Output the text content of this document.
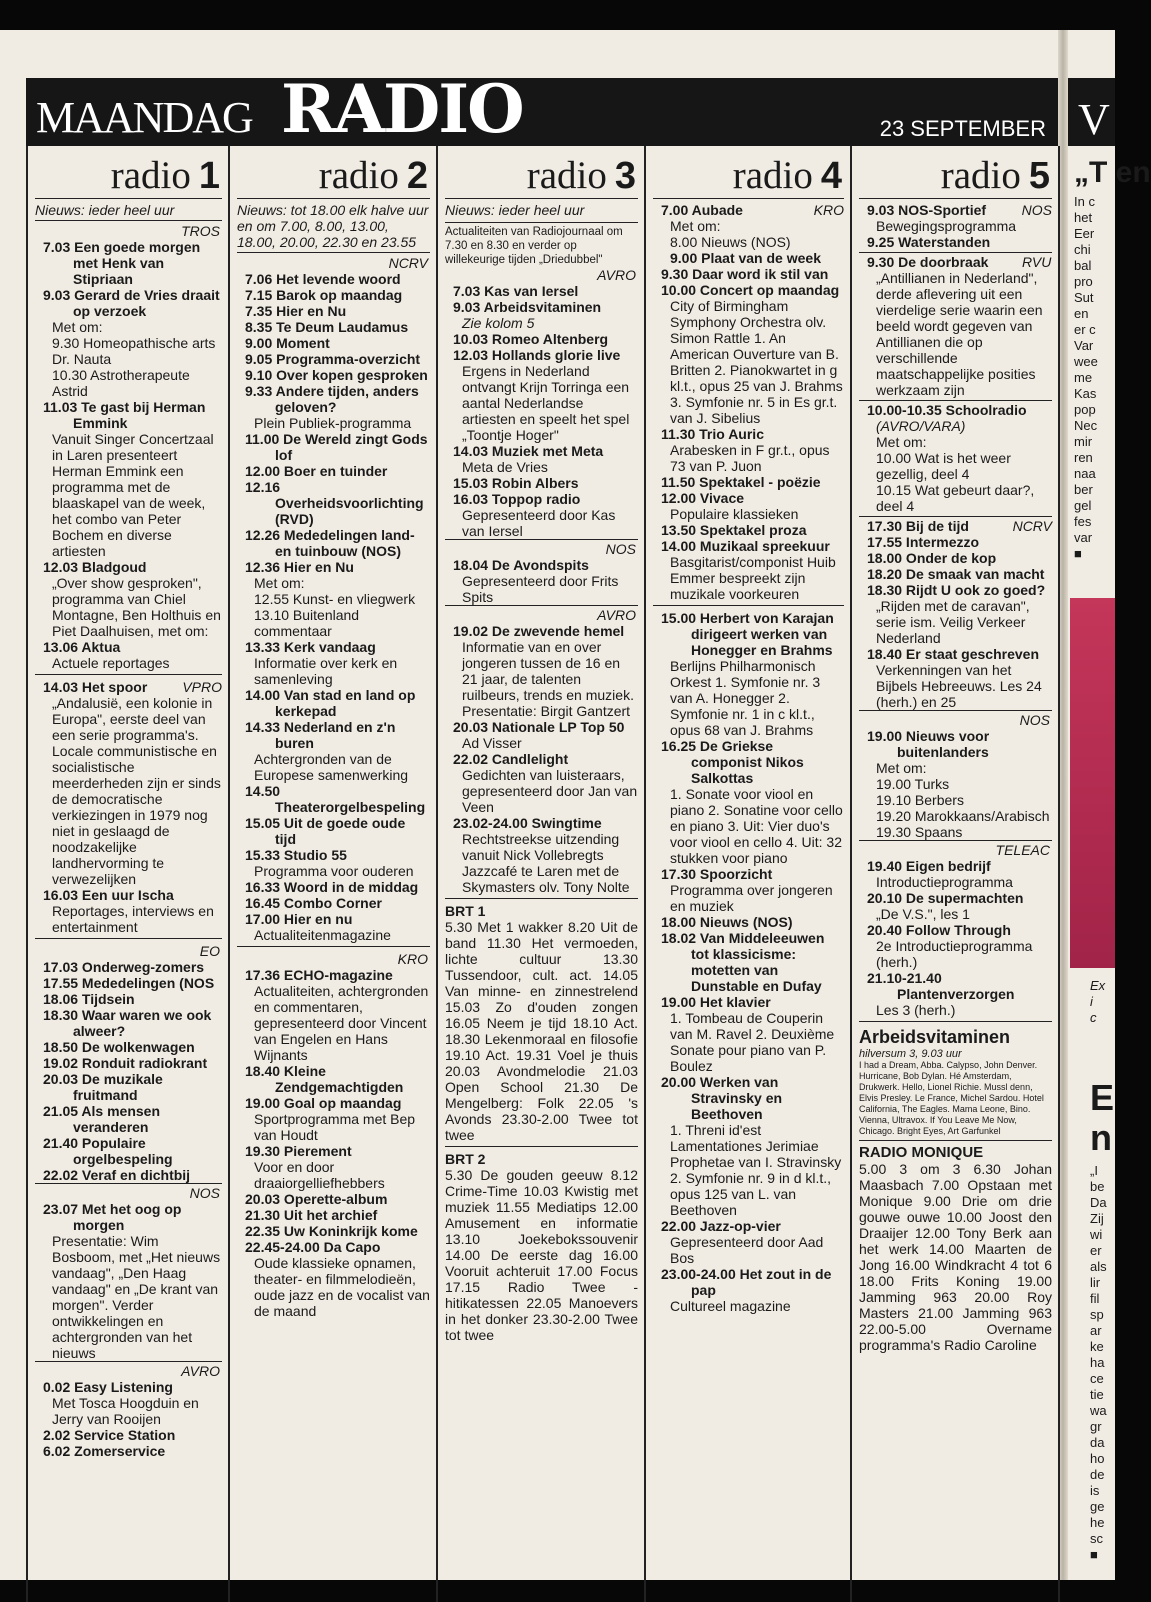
MAANDAG RADIO	23 SEPTEMBER
radio 1

Nieuws: ieder heel uur

TROS

7.03 Een goede morgen met Henk van Stipriaan

9.03 Gerard de Vries draait op verzoek

Met om:

9.30 Homeopathische arts Dr. Nauta

10.30 Astrotherapeute Astrid

11.03 Te gast bij Herman Emmink

Vanuit Singer Concertzaal in Laren presenteert Herman Emmink een programma met de blaaskapel van de week, het combo van Peter Bochem en diverse artiesten

12.03 Bladgoud

„Over show gesproken", programma van Chiel Montagne, Ben Holthuis en Piet Daalhuisen, met om:

13.06 Aktua

Actuele reportages

14.03 Het spoor	VPRO

„Andalusië, een kolonie in Europa", eerste deel van een serie programma's. Locale communistische en socialistische meerderheden zijn er sinds de democratische verkiezingen in 1979 nog niet in geslaagd de noodzakelijke landhervorming te verwezelijken

16.03 Een uur Ischa

Reportages, interviews en entertainment

EO

17.03 Onderweg-zomers

17.55 Mededelingen (NOS

18.06 Tijdsein

18.30 Waar waren we ook alweer?

18.50 De wolkenwagen

19.02 Ronduit radiokrant

20.03 De muzikale fruitmand

21.05 Als mensen veranderen

21.40 Populaire orgelbespeling

22.02 Veraf en dichtbij

NOS

23.07 Met het oog op morgen

Presentatie: Wim Bosboom, met „Het nieuws vandaag", „Den Haag vandaag" en „De krant van morgen". Verder ontwikkelingen en achtergronden van het nieuws

AVRO

0.02 Easy Listening

Met Tosca Hoogduin en Jerry van Rooijen

2.02 Service Station

6.02 Zomerservice

radio 2

Nieuws: tot 18.00 elk halve uur en om 7.00, 8.00, 13.00, 18.00, 20.00, 22.30 en 23.55

NCRV

7.06 Het levende woord

7.15 Barok op maandag

7.35 Hier en Nu

8.35 Te Deum Laudamus

9.00 Moment

9.05 Programma-overzicht

9.10 Over kopen gesproken

9.33 Andere tijden, anders geloven?

Plein Publiek-programma

11.00 De Wereld zingt Gods lof

12.00 Boer en tuinder

12.16 Overheidsvoorlichting (RVD)

12.26 Mededelingen land- en tuinbouw (NOS)

12.36 Hier en Nu

Met om:

12.55 Kunst- en vliegwerk

13.10 Buitenland commentaar

13.33 Kerk vandaag

Informatie over kerk en samenleving

14.00 Van stad en land op kerkepad

14.33 Nederland en z'n buren

Achtergronden van de Europese samenwerking

14.50 Theaterorgelbespeling

15.05 Uit de goede oude tijd

15.33 Studio 55

Programma voor ouderen

16.33 Woord in de middag

16.45 Combo Corner

17.00 Hier en nu

Actualiteitenmagazine

KRO

17.36 ECHO-magazine

Actualiteiten, achtergronden en commentaren, gepresenteerd door Vincent van Engelen en Hans Wijnants

18.40 Kleine Zendgemachtigden

19.00 Goal op maandag

Sportprogramma met Bep van Houdt

19.30 Pierement

Voor en door draaiorgelliefhebbers

20.03 Operette-album

21.30 Uit het archief

22.35 Uw Koninkrijk kome

22.45-24.00 Da Capo

Oude klassieke opnamen, theater- en filmmelodieën, oude jazz en de vocalist van de maand

radio 3

Nieuws: ieder heel uur

Actualiteiten van Radiojournaal om 7.30 en 8.30 en verder op willekeurige tijden „Driedubbel"

AVRO

7.03 Kas van Iersel

9.03 Arbeidsvitaminen

Zie kolom 5

10.03 Romeo Altenberg

12.03 Hollands glorie live

Ergens in Nederland ontvangt Krijn Torringa een aantal Nederlandse artiesten en speelt het spel „Toontje Hoger"

14.03 Muziek met Meta

Meta de Vries

15.03 Robin Albers

16.03 Toppop radio

Gepresenteerd door Kas van Iersel

NOS

18.04 De Avondspits

Gepresenteerd door Frits Spits

AVRO

19.02 De zwevende hemel

Informatie van en over jongeren tussen de 16 en 21 jaar, de talenten ruilbeurs, trends en muziek. Presentatie: Birgit Gantzert

20.03 Nationale LP Top 50

Ad Visser

22.02 Candlelight

Gedichten van luisteraars, gepresenteerd door Jan van Veen

23.02-24.00 Swingtime

Rechtstreekse uitzending vanuit Nick Vollebregts Jazzcafé te Laren met de Skymasters olv. Tony Nolte

BRT 1

5.30 Met 1 wakker 8.20 Uit de band 11.30 Het vermoeden, lichte cultuur 13.30 Tussendoor, cult. act. 14.05 Van minne- en zinnestrelend 15.03 Zo d'ouden zongen 16.05 Neem je tijd 18.10 Act. 18.30 Lekenmoraal en filosofie 19.10 Act. 19.31 Voel je thuis 20.03 Avondmelodie 21.03 Open School 21.30 De Mengelberg: Folk 22.05 's Avonds 23.30-2.00 Twee tot twee

BRT 2

5.30 De gouden geeuw 8.12 Crime-Time 10.03 Kwistig met muziek 11.55 Mediatips 12.00 Amusement en informatie 13.10 Joekebokssouvenir 14.00 De eerste dag 16.00 Vooruit achteruit 17.00 Focus 17.15 Radio Twee - hitikatessen 22.05 Manoevers in het donker 23.30-2.00 Twee tot twee

radio 4

7.00 Aubade	KRO

Met om:

8.00 Nieuws (NOS)

9.00 Plaat van de week

9.30 Daar word ik stil van

10.00 Concert op maandag

City of Birmingham Symphony Orchestra olv. Simon Rattle 1. An American Ouverture van B. Britten 2. Pianokwartet in g kl.t., opus 25 van J. Brahms 3. Symfonie nr. 5 in Es gr.t. van J. Sibelius

11.30 Trio Auric

Arabesken in F gr.t., opus 73 van P. Juon

11.50 Spektakel - poëzie

12.00 Vivace

Populaire klassieken

13.50 Spektakel proza

14.00 Muzikaal spreekuur

Basgitarist/componist Huib Emmer bespreekt zijn muzikale voorkeuren

15.00 Herbert von Karajan dirigeert werken van Honegger en Brahms

Berlijns Philharmonisch Orkest 1. Symfonie nr. 3 van A. Honegger 2. Symfonie nr. 1 in c kl.t., opus 68 van J. Brahms

16.25 De Griekse componist Nikos Salkottas

1. Sonate voor viool en piano 2. Sonatine voor cello en piano 3. Uit: Vier duo's voor viool en cello 4. Uit: 32 stukken voor piano

17.30 Spoorzicht

Programma over jongeren en muziek

18.00 Nieuws (NOS)

18.02 Van Middeleeuwen tot klassicisme: motetten van Dunstable en Dufay

19.00 Het klavier

1. Tombeau de Couperin van M. Ravel 2. Deuxième Sonate pour piano van P. Boulez

20.00 Werken van Stravinsky en Beethoven

1. Threni id'est Lamentationes Jerimiae Prophetae van I. Stravinsky 2. Symfonie nr. 9 in d kl.t., opus 125 van L. van Beethoven

22.00 Jazz-op-vier

Gepresenteerd door Aad Bos

23.00-24.00 Het zout in de pap

Cultureel magazine

radio 5

9.03 NOS-Sportief	NOS

Bewegingsprogramma

9.25 Waterstanden

9.30 De doorbraak RVU

„Antillianen in Nederland", derde aflevering uit een vierdelige serie waarin een beeld wordt gegeven van Antillianen die op verschillende maatschappelijke posities werkzaam zijn

10.00-10.35 Schoolradio

(AVRO/VARA)

Met om:

10.00 Wat is het weer gezellig, deel 4

10.15 Wat gebeurt daar?, deel 4

17.30 Bij de tijd	NCRV

17.55 Intermezzo

18.00 Onder de kop

18.20 De smaak van macht

18.30 Rijdt U ook zo goed?

„Rijden met de caravan", serie ism. Veilig Verkeer Nederland

18.40 Er staat geschreven

Verkenningen van het Bijbels Hebreeuws. Les 24 (herh.) en 25

NOS

19.00 Nieuws voor buitenlanders

Met om:

19.00 Turks

19.10 Berbers

19.20 Marokkaans/Arabisch

19.30 Spaans

TELEAC

19.40 Eigen bedrijf

Introductieprogramma

20.10 De supermachten

„De V.S.", les 1

20.40 Follow Through

2e Introductieprogramma (herh.)

21.10-21.40 Plantenverzorgen

Les 3 (herh.)

Arbeidsvitaminen

hilversum 3, 9.03 uur

I had a Dream, Abba. Calypso, John Denver. Hurricane, Bob Dylan. Hé Amsterdam, Drukwerk. Hello, Lionel Richie. Mussl denn, Elvis Presley. Le France, Michel Sardou. Hotel California, The Eagles. Mama Leone, Bino. Vienna, Ultravox. If You Leave Me Now, Chicago. Bright Eyes, Art Garfunkel

RADIO MONIQUE

5.00 3 om 3 6.30 Johan Maasbach 7.00 Opstaan met Monique 9.00 Drie om drie gouwe ouwe 10.00 Joost den Draaijer 12.00 Tony Berk aan het werk 14.00 Maarten de Jong 16.00 Windkracht 4 tot 6 18.00 Frits Koning 19.00 Jamming 963 20.00 Roy Masters 21.00 Jamming 963 22.00-5.00 Overname programma's Radio Caroline

V
„T en
In c
het
Eer
chi
bal
pro
Sut
en
er c
Var
wee
me
Kas
pop
Nec
mir
ren
naa
ber
gel
fes
var
■
Ex
i
c
E
n
„I
be
Da
Zij
wi
er
als
lir
fil
sp
ar
ke
ha
ce
tie
wa
gr
da
ho
de
is
ge
he
sc
■
